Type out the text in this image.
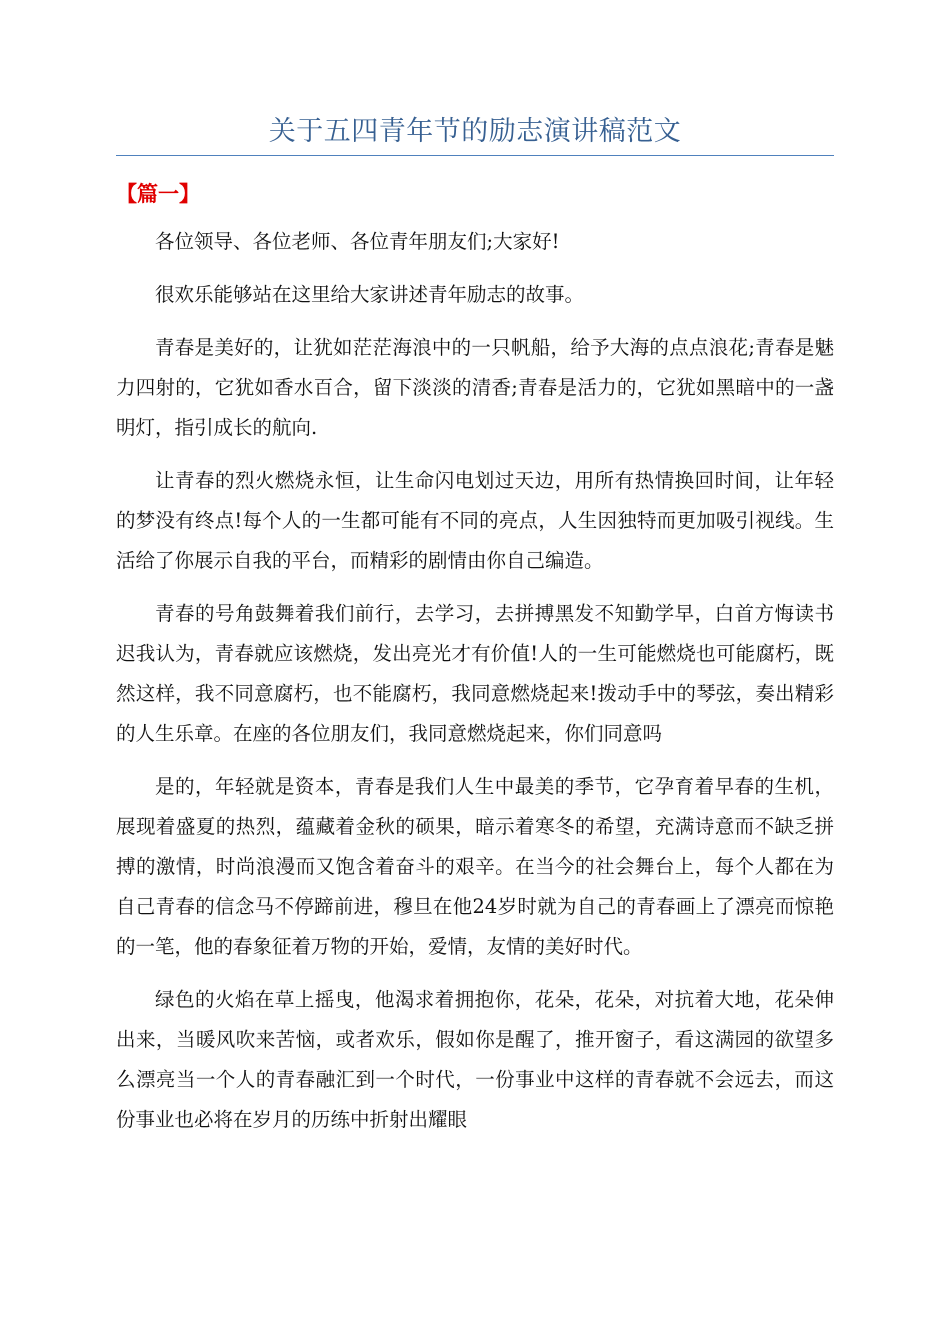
关于五四青年节的励志演讲稿范文
【篇一】

各位领导、各位老师、各位青年朋友们;大家好!

很欢乐能够站在这里给大家讲述青年励志的故事。

青春是美好的，让犹如茫茫海浪中的一只帆船，给予大海的点点浪花;青春是魅力四射的，它犹如香水百合，留下淡淡的清香;青春是活力的，它犹如黑暗中的一盏明灯，指引成长的航向.

让青春的烈火燃烧永恒，让生命闪电划过天边，用所有热情换回时间，让年轻的梦没有终点!每个人的一生都可能有不同的亮点，人生因独特而更加吸引视线。生活给了你展示自我的平台，而精彩的剧情由你自己编造。

青春的号角鼓舞着我们前行，去学习，去拼搏黑发不知勤学早，白首方悔读书迟我认为，青春就应该燃烧，发出亮光才有价值!人的一生可能燃烧也可能腐朽，既然这样，我不同意腐朽，也不能腐朽，我同意燃烧起来!拨动手中的琴弦，奏出精彩的人生乐章。在座的各位朋友们，我同意燃烧起来，你们同意吗

是的，年轻就是资本，青春是我们人生中最美的季节，它孕育着早春的生机，展现着盛夏的热烈，蕴藏着金秋的硕果，暗示着寒冬的希望，充满诗意而不缺乏拼搏的激情，时尚浪漫而又饱含着奋斗的艰辛。在当今的社会舞台上，每个人都在为自己青春的信念马不停蹄前进，穆旦在他24岁时就为自己的青春画上了漂亮而惊艳的一笔，他的春象征着万物的开始，爱情，友情的美好时代。

绿色的火焰在草上摇曳，他渴求着拥抱你，花朵，花朵，对抗着大地，花朵伸出来，当暖风吹来苦恼，或者欢乐，假如你是醒了，推开窗子，看这满园的欲望多么漂亮当一个人的青春融汇到一个时代，一份事业中这样的青春就不会远去，而这份事业也必将在岁月的历练中折射出耀眼
